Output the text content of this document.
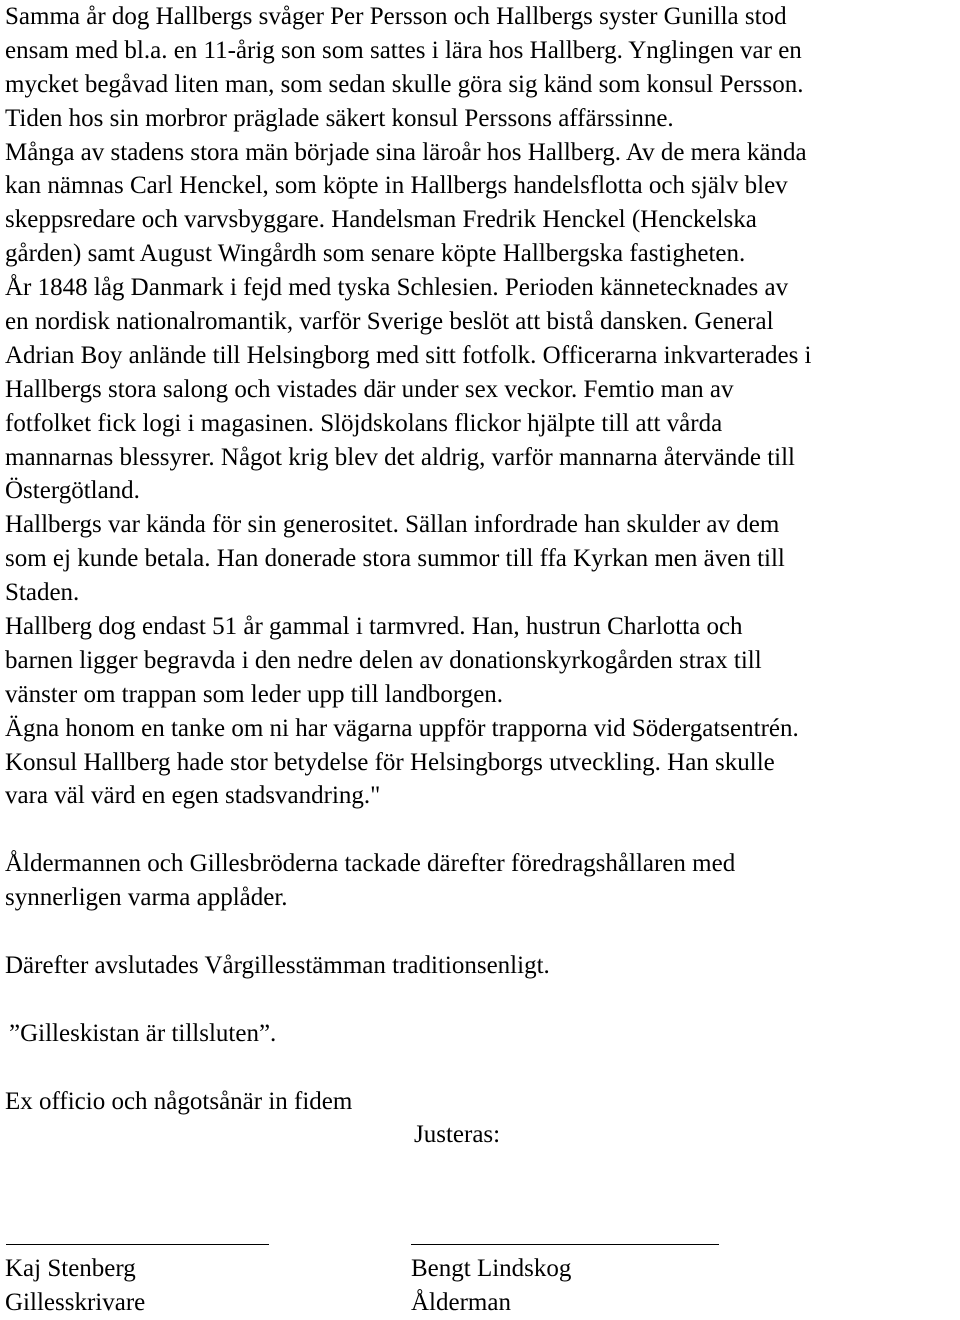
Samma år dog Hallbergs svåger Per Persson och Hallbergs syster Gunilla stod
ensam med bl.a. en 11-årig son som sattes i lära hos Hallberg. Ynglingen var en
mycket begåvad liten man, som sedan skulle göra sig känd som konsul Persson.
Tiden hos sin morbror präglade säkert konsul Perssons affärssinne.
Många av stadens stora män började sina läroår hos Hallberg. Av de mera kända
kan nämnas Carl Henckel, som köpte in Hallbergs handelsflotta och själv blev
skeppsredare och varvsbyggare. Handelsman Fredrik Henckel (Henckelska
gården) samt August Wingårdh som senare köpte Hallbergska fastigheten.
År 1848 låg Danmark i fejd med tyska Schlesien. Perioden kännetecknades av
en nordisk nationalromantik, varför Sverige beslöt att bistå dansken. General
Adrian Boy anlände till Helsingborg med sitt fotfolk. Officerarna inkvarterades i
Hallbergs stora salong och vistades där under sex veckor. Femtio man av
fotfolket fick logi i magasinen. Slöjdskolans flickor hjälpte till att vårda
mannarnas blessyrer. Något krig blev det aldrig, varför mannarna återvände till
Östergötland.
Hallbergs var kända för sin generositet. Sällan infordrade han skulder av dem
som ej kunde betala. Han donerade stora summor till ffa Kyrkan men även till
Staden.
Hallberg dog endast 51 år gammal i tarmvred. Han, hustrun Charlotta och
barnen ligger begravda i den nedre delen av donationskyrkogården strax till
vänster om trappan som leder upp till landborgen.
Ägna honom en tanke om ni har vägarna uppför trapporna vid Södergatsentrén.
Konsul Hallberg hade stor betydelse för Helsingborgs utveckling. Han skulle
vara väl värd en egen stadsvandring."
Åldermannen och Gillesbröderna tackade därefter föredragshållaren med
synnerligen varma applåder.
Därefter avslutades Vårgillesstämman traditionsenligt.
”Gilleskistan är tillsluten”.
Ex officio och någotsånär in fidem
Justeras:
Kaj Stenberg
Gillesskrivare
Bengt Lindskog
Ålderman
